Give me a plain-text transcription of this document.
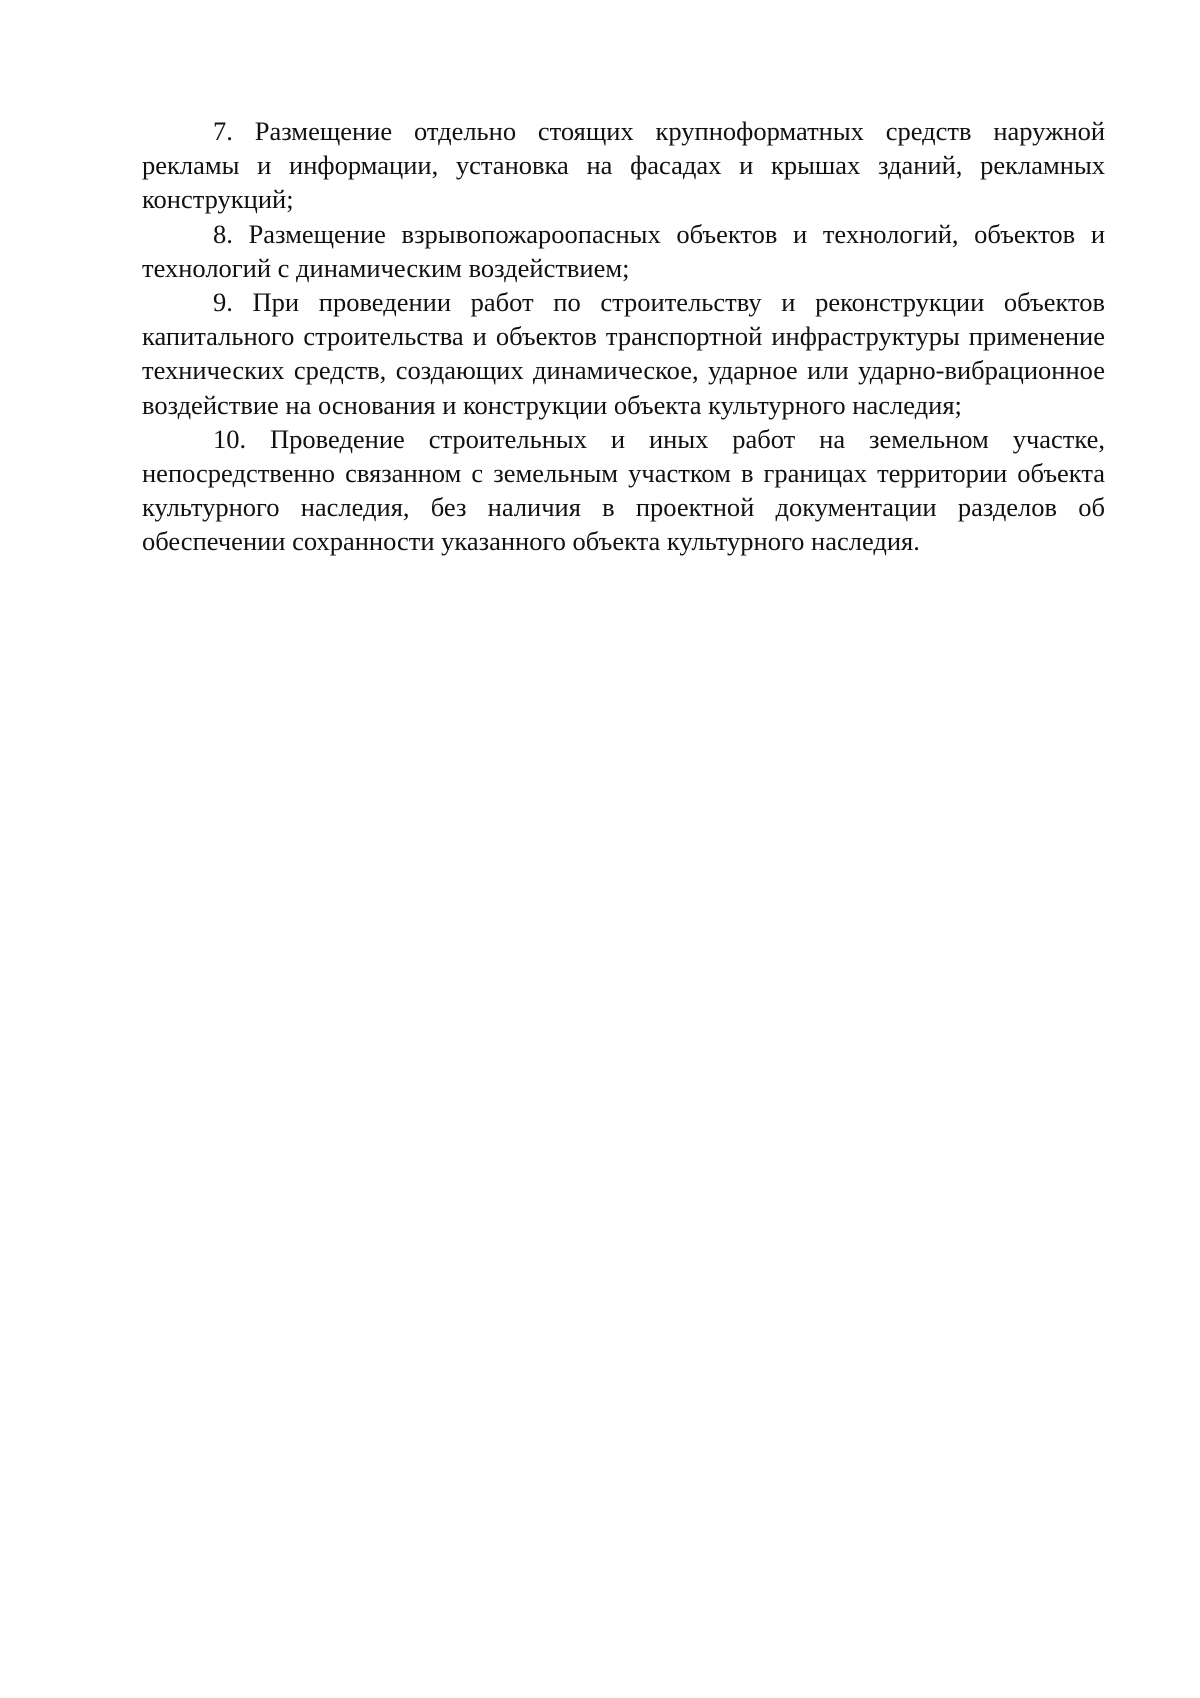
7. Размещение отдельно стоящих крупноформатных средств наружной рекламы и информации, установка на фасадах и крышах зданий, рекламных конструкций;

8. Размещение взрывопожароопасных объектов и технологий, объектов и технологий с динамическим воздействием;

9. При проведении работ по строительству и реконструкции объектов капитального строительства и объектов транспортной инфраструктуры применение технических средств, создающих динамическое, ударное или ударно-вибрационное воздействие на основания и конструкции объекта культурного наследия;

10. Проведение строительных и иных работ на земельном участке, непосредственно связанном с земельным участком в границах территории объекта культурного наследия, без наличия в проектной документации разделов об обеспечении сохранности указанного объекта культурного наследия.
